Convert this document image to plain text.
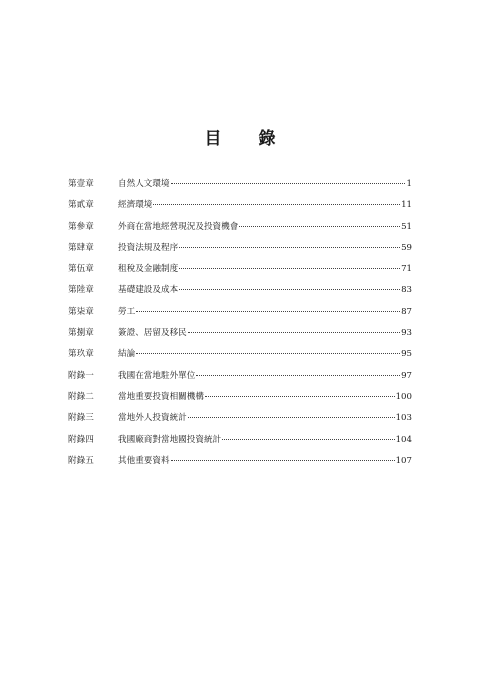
目　錄
第壹章	自然人文環境	1
第貳章	經濟環境	11
第參章	外商在當地經營現況及投資機會	51
第肆章	投資法規及程序	59
第伍章	租稅及金融制度	71
第陸章	基礎建設及成本	83
第柒章	勞工	87
第捌章	簽證、居留及移民	93
第玖章	結論	95
附錄一	我國在當地駐外單位	97
附錄二	當地重要投資相關機構	100
附錄三	當地外人投資統計	103
附錄四	我國廠商對當地國投資統計	104
附錄五	其他重要資料	107
